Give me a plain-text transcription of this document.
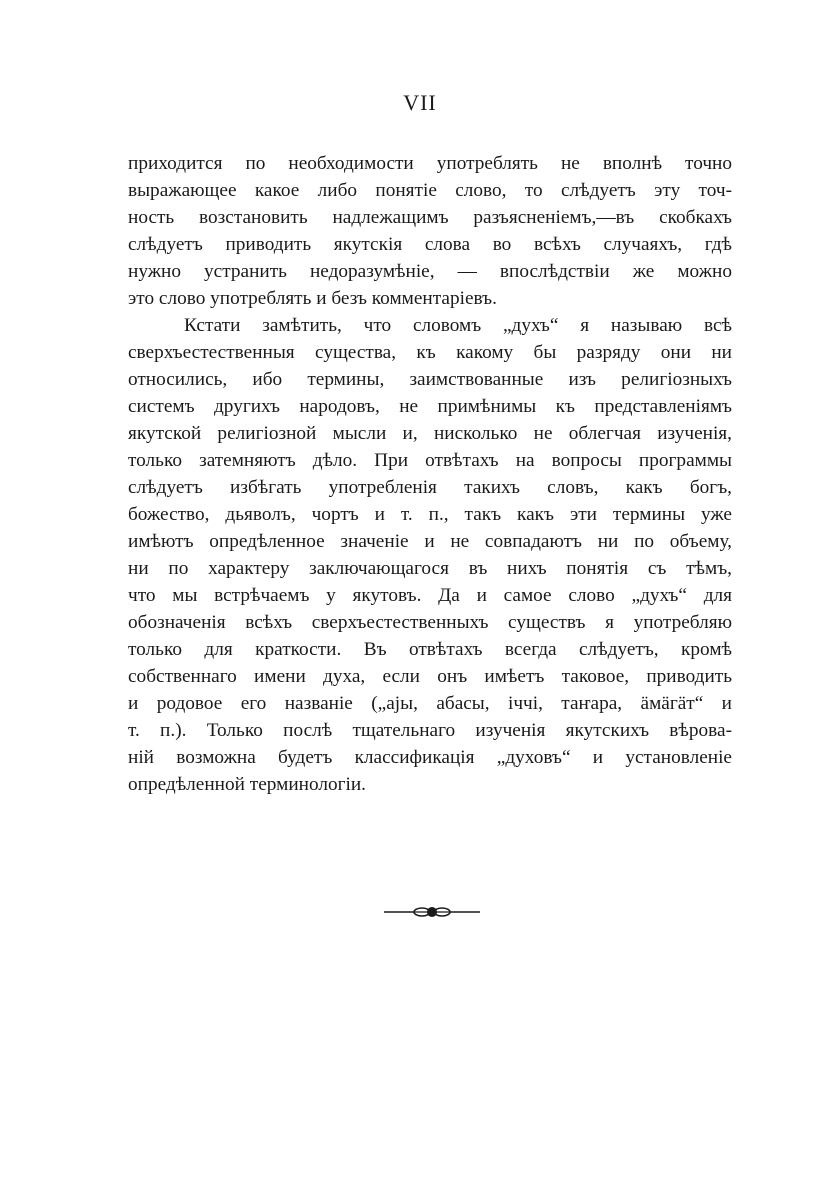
VII
приходится по необходимости употреблять не вполнѣ точно
выражающее какое либо понятіе слово, то слѣдуетъ эту точ-
ность возстановить надлежащимъ разъясненіемъ,—въ скобкахъ
слѣдуетъ приводить якутскія слова во всѣхъ случаяхъ, гдѣ
нужно устранить недоразумѣніе, — впослѣдствіи же можно
это слово употреблять и безъ комментаріевъ.
Кстати замѣтить, что словомъ „духъ“ я называю всѣ
сверхъестественныя существа, къ какому бы разряду они ни
относились, ибо термины, заимствованные изъ религіозныхъ
системъ другихъ народовъ, не примѣнимы къ представленіямъ
якутской религіозной мысли и, нисколько не облегчая изученія,
только затемняютъ дѣло. При отвѣтахъ на вопросы программы
слѣдуетъ избѣгать употребленія такихъ словъ, какъ богъ,
божество, дьяволъ, чортъ и т. п., такъ какъ эти термины уже
имѣютъ опредѣленное значеніе и не совпадаютъ ни по объему,
ни по характеру заключающагося въ нихъ понятія съ тѣмъ,
что мы встрѣчаемъ у якутовъ. Да и самое слово „духъ“ для
обозначенія всѣхъ сверхъестественныхъ существъ я употребляю
только для краткости. Въ отвѣтахъ всегда слѣдуетъ, кромѣ
собственнаго имени духа, если онъ имѣетъ таковое, приводить
и родовое его названіе („аjы, абасы, іччі, таҥара, ӓмӓгӓт“ и
т. п.). Только послѣ тщательнаго изученія якутскихъ вѣрова-
ній возможна будетъ классификація „духовъ“ и установленіе
опредѣленной терминологіи.
